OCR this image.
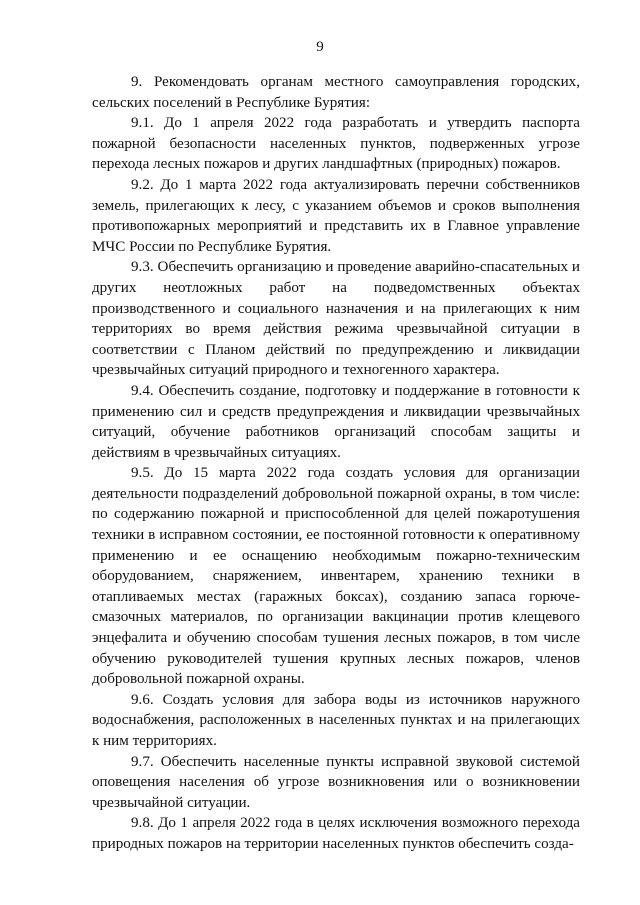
9

9. Рекомендовать органам местного самоуправления городских, сельских поселений в Республике Бурятия:

9.1. До 1 апреля 2022 года разработать и утвердить паспорта пожарной безопасности населенных пунктов, подверженных угрозе перехода лесных пожаров и других ландшафтных (природных) пожаров.

9.2. До 1 марта 2022 года актуализировать перечни собственников земель, прилегающих к лесу, с указанием объемов и сроков выполнения противопожарных мероприятий и представить их в Главное управление МЧС России по Республике Бурятия.

9.3. Обеспечить организацию и проведение аварийно-спасательных и других неотложных работ на подведомственных объектах производственного и социального назначения и на прилегающих к ним территориях во время действия режима чрезвычайной ситуации в соответствии с Планом действий по предупреждению и ликвидации чрезвычайных ситуаций природного и техногенного характера.

9.4. Обеспечить создание, подготовку и поддержание в готовности к применению сил и средств предупреждения и ликвидации чрезвычайных ситуаций, обучение работников организаций способам защиты и действиям в чрезвычайных ситуациях.

9.5. До 15 марта 2022 года создать условия для организации деятельности подразделений добровольной пожарной охраны, в том числе: по содержанию пожарной и приспособленной для целей пожаротушения техники в исправном состоянии, ее постоянной готовности к оперативному применению и ее оснащению необходимым пожарно-техническим оборудованием, снаряжением, инвентарем, хранению техники в отапливаемых местах (гаражных боксах), созданию запаса горюче-смазочных материалов, по организации вакцинации против клещевого энцефалита и обучению способам тушения лесных пожаров, в том числе обучению руководителей тушения крупных лесных пожаров, членов добровольной пожарной охраны.

9.6. Создать условия для забора воды из источников наружного водоснабжения, расположенных в населенных пунктах и на прилегающих к ним территориях.

9.7. Обеспечить населенные пункты исправной звуковой системой оповещения населения об угрозе возникновения или о возникновении чрезвычайной ситуации.

9.8. До 1 апреля 2022 года в целях исключения возможного перехода природных пожаров на территории населенных пунктов обеспечить созда-
